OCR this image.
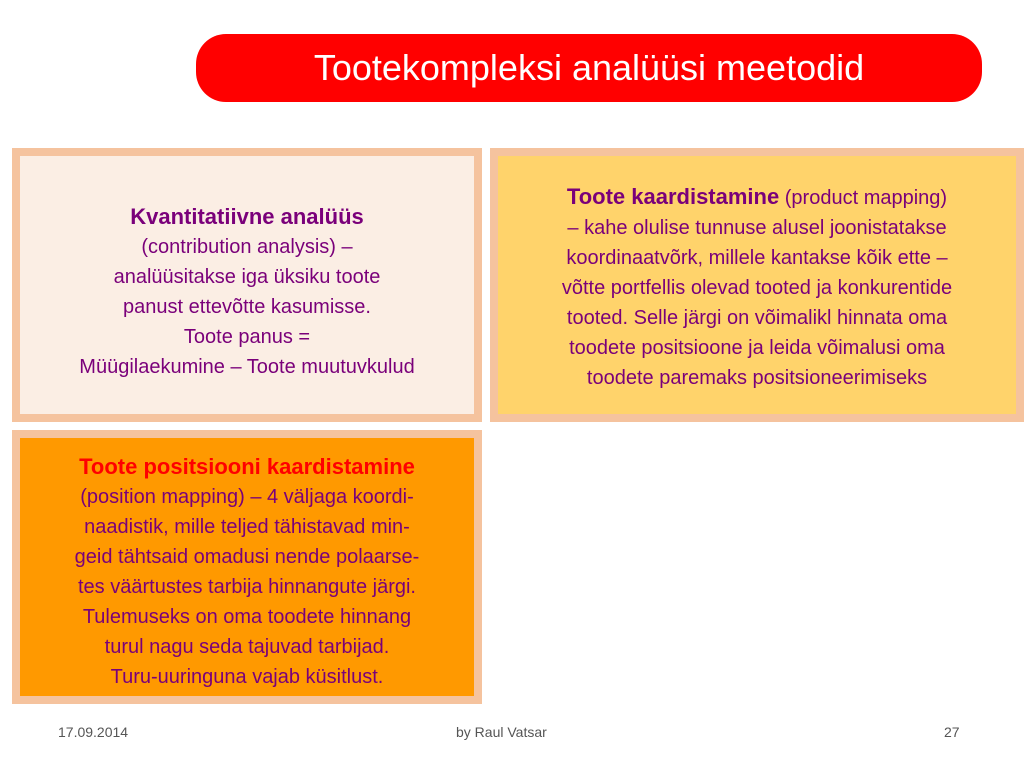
Tootekompleksi analüüsi meetodid

Kvantitatiivne analüüs

(contribution analysis) –

analüüsitakse iga üksiku toote

panust ettevõtte kasumisse.

Toote panus =

Müügilaekumine – Toote muutuvkulud

Toote kaardistamine (product mapping)

– kahe olulise tunnuse alusel joonistatakse

koordinaatvõrk, millele kantakse kõik ette –

võtte portfellis olevad tooted ja konkurentide

tooted. Selle järgi on võimalikl hinnata oma

toodete positsioone ja leida võimalusi oma

toodete paremaks positsioneerimiseks

Toote positsiooni kaardistamine

(position mapping) – 4 väljaga koordi-

naadistik, mille teljed tähistavad min-

geid tähtsaid omadusi nende polaarse-

tes väärtustes tarbija hinnangute järgi.

Tulemuseks on oma toodete hinnang

turul nagu seda tajuvad tarbijad.

Turu-uuringuna vajab küsitlust.

17.09.2014	by Raul Vatsar	27
